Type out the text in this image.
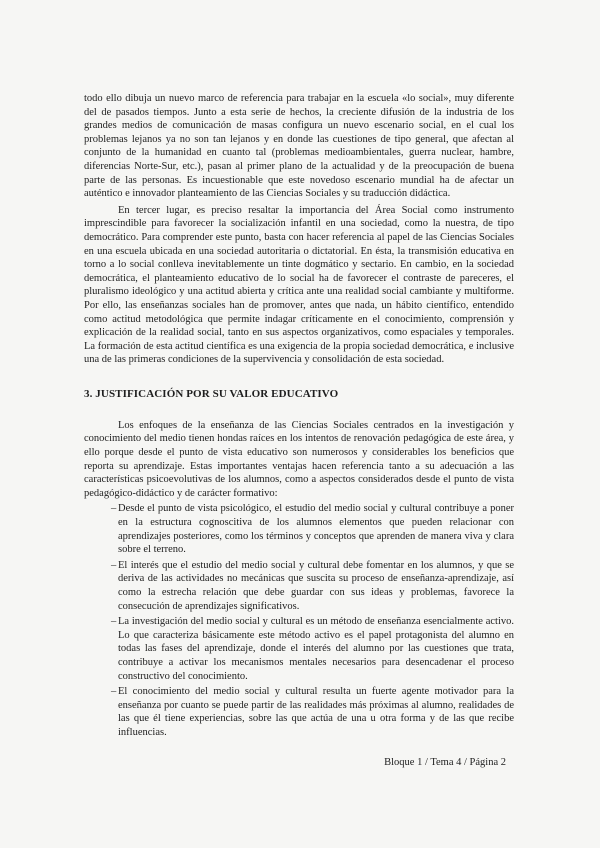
todo ello dibuja un nuevo marco de referencia para trabajar en la escuela «lo social», muy diferente del de pasados tiempos. Junto a esta serie de hechos, la creciente difusión de la industria de los grandes medios de comunicación de masas configura un nuevo escenario social, en el cual los problemas lejanos ya no son tan lejanos y en donde las cuestiones de tipo general, que afectan al conjunto de la humanidad en cuanto tal (problemas medioambientales, guerra nuclear, hambre, diferencias Norte-Sur, etc.), pasan al primer plano de la actualidad y de la preocupación de buena parte de las personas. Es incuestionable que este novedoso escenario mundial ha de afectar un auténtico e innovador planteamiento de las Ciencias Sociales y su traducción didáctica.

En tercer lugar, es preciso resaltar la importancia del Área Social como instrumento imprescindible para favorecer la socialización infantil en una sociedad, como la nuestra, de tipo democrático. Para comprender este punto, basta con hacer referencia al papel de las Ciencias Sociales en una escuela ubicada en una sociedad autoritaria o dictatorial. En ésta, la transmisión educativa en torno a lo social conlleva inevitablemente un tinte dogmático y sectario. En cambio, en la sociedad democrática, el planteamiento educativo de lo social ha de favorecer el contraste de pareceres, el pluralismo ideológico y una actitud abierta y crítica ante una realidad social cambiante y multiforme. Por ello, las enseñanzas sociales han de promover, antes que nada, un hábito científico, entendido como actitud metodológica que permite indagar críticamente en el conocimiento, comprensión y explicación de la realidad social, tanto en sus aspectos organizativos, como espaciales y temporales. La formación de esta actitud científica es una exigencia de la propia sociedad democrática, e inclusive una de las primeras condiciones de la supervivencia y consolidación de esta sociedad.

3. JUSTIFICACIÓN POR SU VALOR EDUCATIVO

Los enfoques de la enseñanza de las Ciencias Sociales centrados en la investigación y conocimiento del medio tienen hondas raíces en los intentos de renovación pedagógica de este área, y ello porque desde el punto de vista educativo son numerosos y considerables los beneficios que reporta su aprendizaje. Estas importantes ventajas hacen referencia tanto a su adecuación a las características psicoevolutivas de los alumnos, como a aspectos considerados desde el punto de vista pedagógico-didáctico y de carácter formativo:

– Desde el punto de vista psicológico, el estudio del medio social y cultural contribuye a poner en la estructura cognoscitiva de los alumnos elementos que pueden relacionar con aprendizajes posteriores, como los términos y conceptos que aprenden de manera viva y clara sobre el terreno.
– El interés que el estudio del medio social y cultural debe fomentar en los alumnos, y que se deriva de las actividades no mecánicas que suscita su proceso de enseñanza-aprendizaje, así como la estrecha relación que debe guardar con sus ideas y problemas, favorece la consecución de aprendizajes significativos.
– La investigación del medio social y cultural es un método de enseñanza esencialmente activo. Lo que caracteriza básicamente este método activo es el papel protagonista del alumno en todas las fases del aprendizaje, donde el interés del alumno por las cuestiones que trata, contribuye a activar los mecanismos mentales necesarios para desencadenar el proceso constructivo del conocimiento.
– El conocimiento del medio social y cultural resulta un fuerte agente motivador para la enseñanza por cuanto se puede partir de las realidades más próximas al alumno, realidades de las que él tiene experiencias, sobre las que actúa de una u otra forma y de las que recibe influencias.
Bloque 1 / Tema 4 / Página 2
